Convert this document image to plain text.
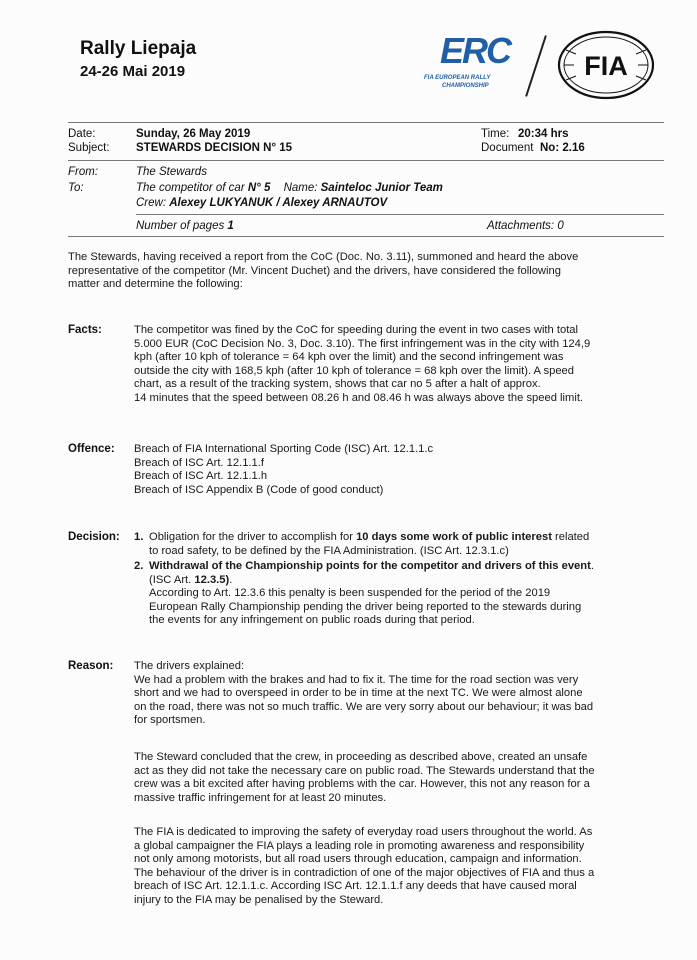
Rally Liepaja
24-26 Mai 2019
ERC
FIA EUROPEAN RALLY
CHAMPIONSHIP
FIA
Date:	Sunday, 26 May 2019	Time: 20:34 hrs
Subject: STEWARDS DECISION N° 15	Document No: 2.16
From:	The Stewards
To:	The competitor of car N° 5 Name: Sainteloc Junior Team
Crew: Alexey LUKYANUK / Alexey ARNAUTOV
Number of pages 1	Attachments: 0

The Stewards, having received a report from the CoC (Doc. No. 3.11), summoned and heard the above

representative of the competitor (Mr. Vincent Duchet) and the drivers, have considered the following

matter and determine the following:

Facts:	The competitor was fined by the CoC for speeding during the event in two cases with total

5.000 EUR (CoC Decision No. 3, Doc. 3.10). The first infringement was in the city with 124,9

kph (after 10 kph of tolerance = 64 kph over the limit) and the second infringement was

outside the city with 168,5 kph (after 10 kph of tolerance = 68 kph over the limit). A speed

chart, as a result of the tracking system, shows that car no 5 after a halt of approx.

14 minutes that the speed between 08.26 h and 08.46 h was always above the speed limit.

Offence: Breach of FIA International Sporting Code (ISC) Art. 12.1.1.c

Breach of ISC Art. 12.1.1.f

Breach of ISC Art. 12.1.1.h

Breach of ISC Appendix B (Code of good conduct)

Decision: 1. Obligation for the driver to accomplish for 10 days some work of public interest related

to road safety, to be defined by the FIA Administration. (ISC Art. 12.3.1.c)

2. Withdrawal of the Championship points for the competitor and drivers of this event.

(ISC Art. 12.3.5).

According to Art. 12.3.6 this penalty is been suspended for the period of the 2019

European Rally Championship pending the driver being reported to the stewards during

the events for any infringement on public roads during that period.

Reason: The drivers explained:

We had a problem with the brakes and had to fix it. The time for the road section was very

short and we had to overspeed in order to be in time at the next TC. We were almost alone

on the road, there was not so much traffic. We are very sorry about our behaviour; it was bad

for sportsmen.

The Steward concluded that the crew, in proceeding as described above, created an unsafe

act as they did not take the necessary care on public road. The Stewards understand that the

crew was a bit excited after having problems with the car. However, this not any reason for a

massive traffic infringement for at least 20 minutes.

The FIA is dedicated to improving the safety of everyday road users throughout the world. As

a global campaigner the FIA plays a leading role in promoting awareness and responsibility

not only among motorists, but all road users through education, campaign and information.

The behaviour of the driver is in contradiction of one of the major objectives of FIA and thus a

breach of ISC Art. 12.1.1.c. According ISC Art. 12.1.1.f any deeds that have caused moral

injury to the FIA may be penalised by the Steward.
